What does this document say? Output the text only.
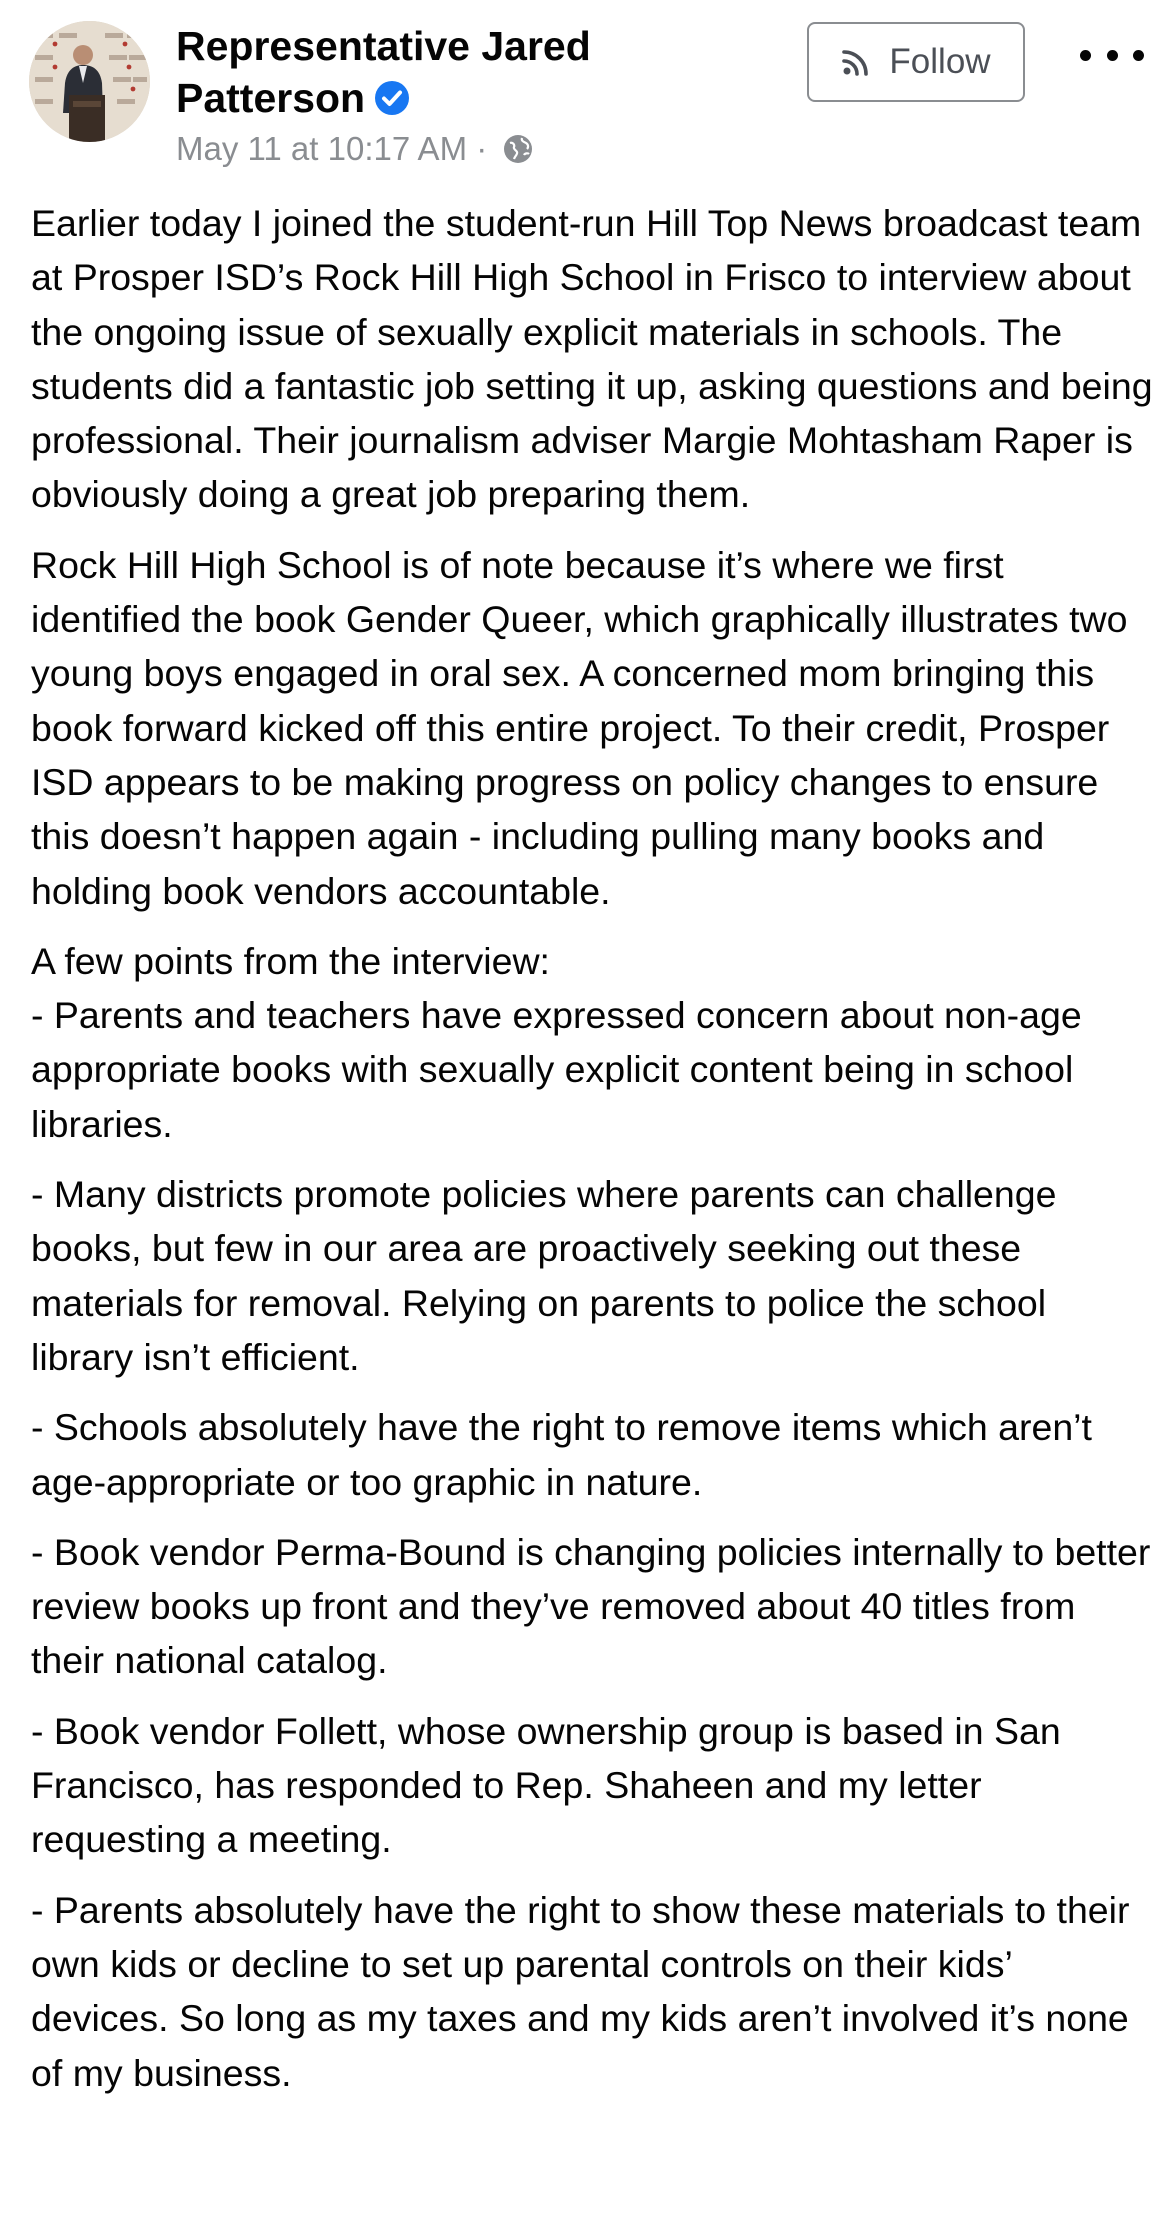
Representative Jared Patterson
May 11 at 10:17 AM ·
Follow

Earlier today I joined the student-run Hill Top News broadcast team at Prosper ISD’s Rock Hill High School in Frisco to interview about the ongoing issue of sexually explicit materials in schools. The students did a fantastic job setting it up, asking questions and being professional. Their journalism adviser Margie Mohtasham Raper is obviously doing a great job preparing them.

Rock Hill High School is of note because it’s where we first identified the book Gender Queer, which graphically illustrates two young boys engaged in oral sex. A concerned mom bringing this book forward kicked off this entire project. To their credit, Prosper ISD appears to be making progress on policy changes to ensure this doesn’t happen again - including pulling many books and holding book vendors accountable.

A few points from the interview:
- Parents and teachers have expressed concern about non-age appropriate books with sexually explicit content being in school libraries.

- Many districts promote policies where parents can challenge books, but few in our area are proactively seeking out these materials for removal. Relying on parents to police the school library isn’t efficient.

- Schools absolutely have the right to remove items which aren’t age-appropriate or too graphic in nature.

- Book vendor Perma-Bound is changing policies internally to better review books up front and they’ve removed about 40 titles from their national catalog.

- Book vendor Follett, whose ownership group is based in San Francisco, has responded to Rep. Shaheen and my letter requesting a meeting.

- Parents absolutely have the right to show these materials to their own kids or decline to set up parental controls on their kids’ devices. So long as my taxes and my kids aren’t involved it’s none of my business.
